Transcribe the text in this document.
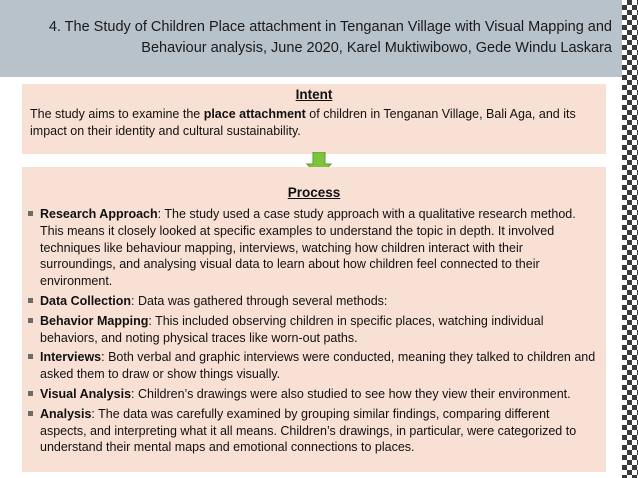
4. The Study of Children Place attachment in Tenganan Village with Visual Mapping and
Behaviour analysis, June 2020, Karel Muktiwibowo, Gede Windu Laskara
Intent
The study aims to examine the place attachment of children in Tenganan Village, Bali Aga, and its impact on their identity and cultural sustainability.
Process
Research Approach: The study used a case study approach with a qualitative research method. This means it closely looked at specific examples to understand the topic in depth. It involved techniques like behaviour mapping, interviews, watching how children interact with their surroundings, and analysing visual data to learn about how children feel connected to their environment.
Data Collection: Data was gathered through several methods:
Behavior Mapping: This included observing children in specific places, watching individual behaviors, and noting physical traces like worn-out paths.
Interviews: Both verbal and graphic interviews were conducted, meaning they talked to children and asked them to draw or show things visually.
Visual Analysis: Children’s drawings were also studied to see how they view their environment.
Analysis: The data was carefully examined by grouping similar findings, comparing different aspects, and interpreting what it all means. Children’s drawings, in particular, were categorized to understand their mental maps and emotional connections to places.
